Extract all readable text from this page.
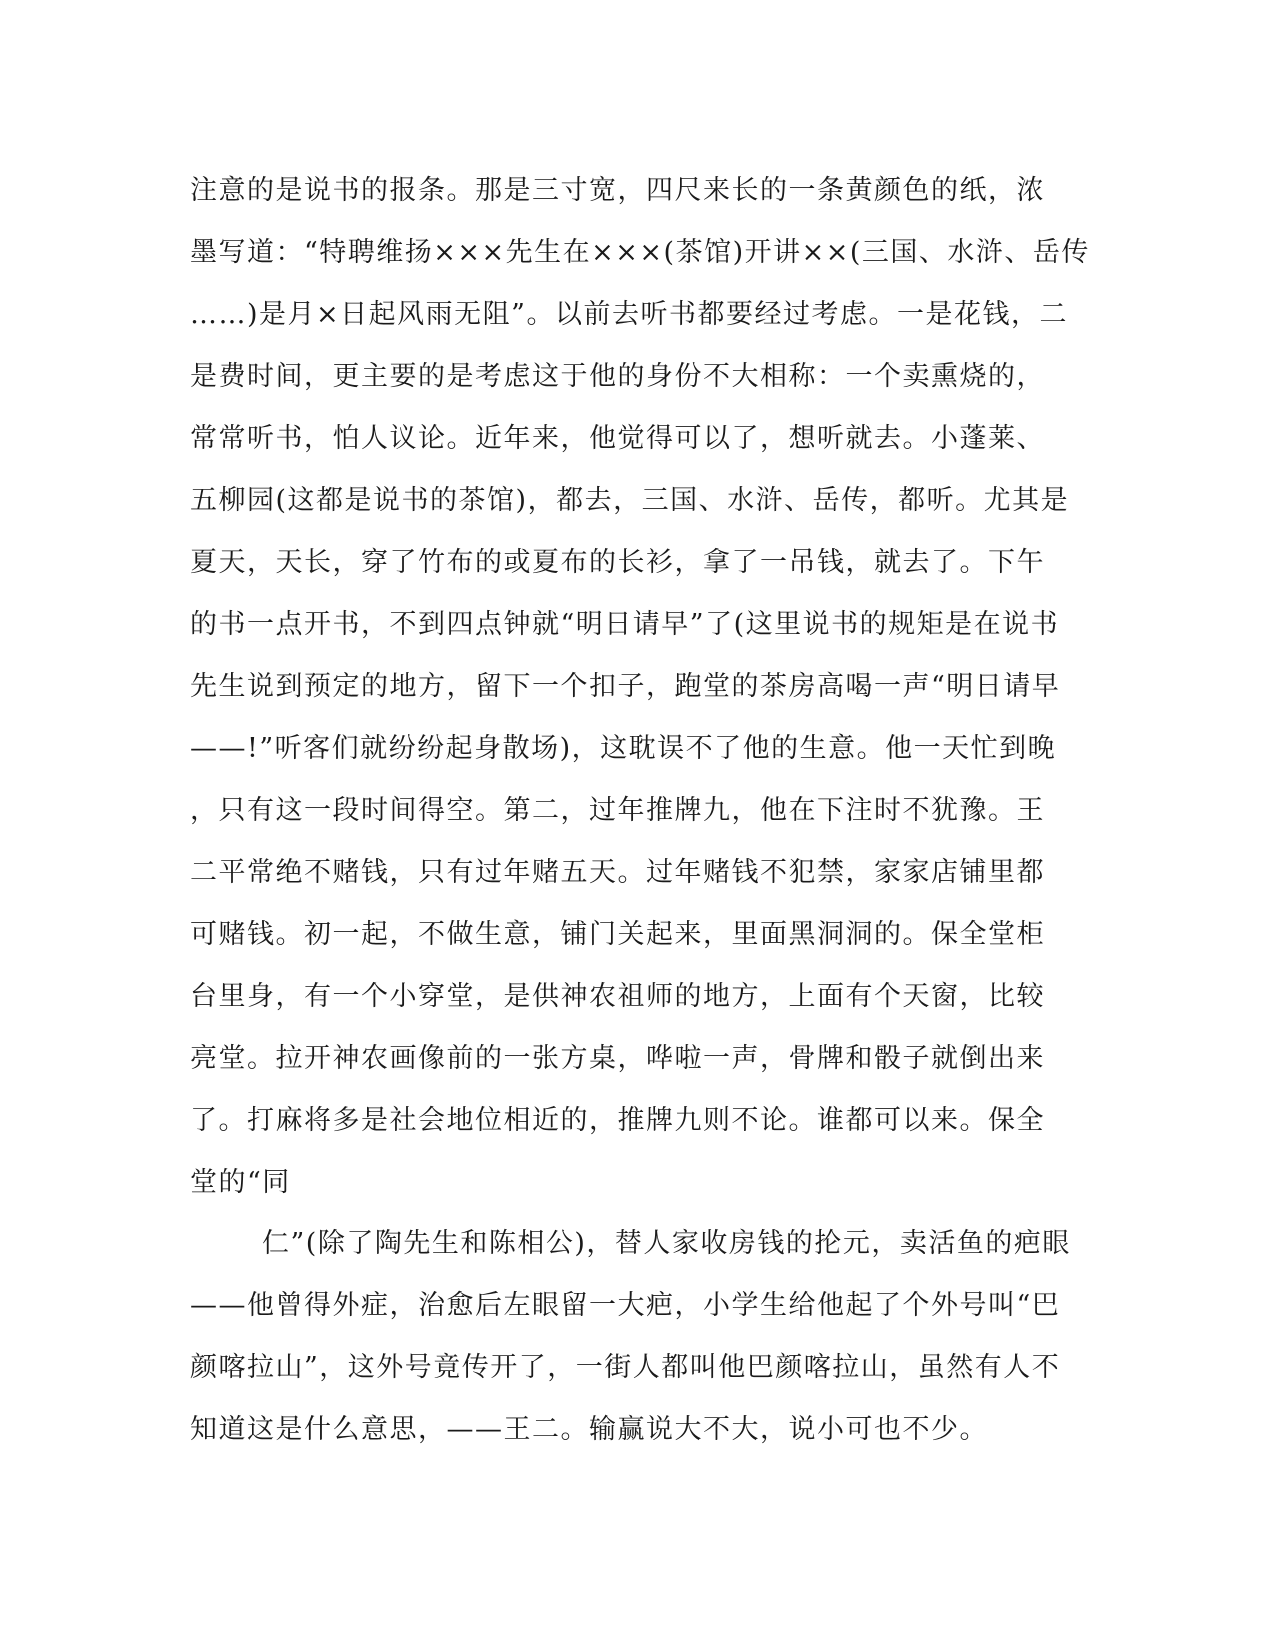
注意的是说书的报条。那是三寸宽，四尺来长的一条黄颜色的纸，浓
墨写道：“特聘维扬×××先生在×××(茶馆)开讲××(三国、水浒、岳传
……)是月×日起风雨无阻”。以前去听书都要经过考虑。一是花钱，二
是费时间，更主要的是考虑这于他的身份不大相称：一个卖熏烧的，
常常听书，怕人议论。近年来，他觉得可以了，想听就去。小蓬莱、
五柳园(这都是说书的茶馆)，都去，三国、水浒、岳传，都听。尤其是
夏天，天长，穿了竹布的或夏布的长衫，拿了一吊钱，就去了。下午
的书一点开书，不到四点钟就“明日请早”了(这里说书的规矩是在说书
先生说到预定的地方，留下一个扣子，跑堂的茶房高喝一声“明日请早
——!”听客们就纷纷起身散场)，这耽误不了他的生意。他一天忙到晚
，只有这一段时间得空。第二，过年推牌九，他在下注时不犹豫。王
二平常绝不赌钱，只有过年赌五天。过年赌钱不犯禁，家家店铺里都
可赌钱。初一起，不做生意，铺门关起来，里面黑洞洞的。保全堂柜
台里身，有一个小穿堂，是供神农祖师的地方，上面有个天窗，比较
亮堂。拉开神农画像前的一张方桌，哗啦一声，骨牌和骰子就倒出来
了。打麻将多是社会地位相近的，推牌九则不论。谁都可以来。保全
堂的“同
仁”(除了陶先生和陈相公)，替人家收房钱的抡元，卖活鱼的疤眼
——他曾得外症，治愈后左眼留一大疤，小学生给他起了个外号叫“巴
颜喀拉山”，这外号竟传开了，一街人都叫他巴颜喀拉山，虽然有人不
知道这是什么意思，——王二。输赢说大不大，说小可也不少。
